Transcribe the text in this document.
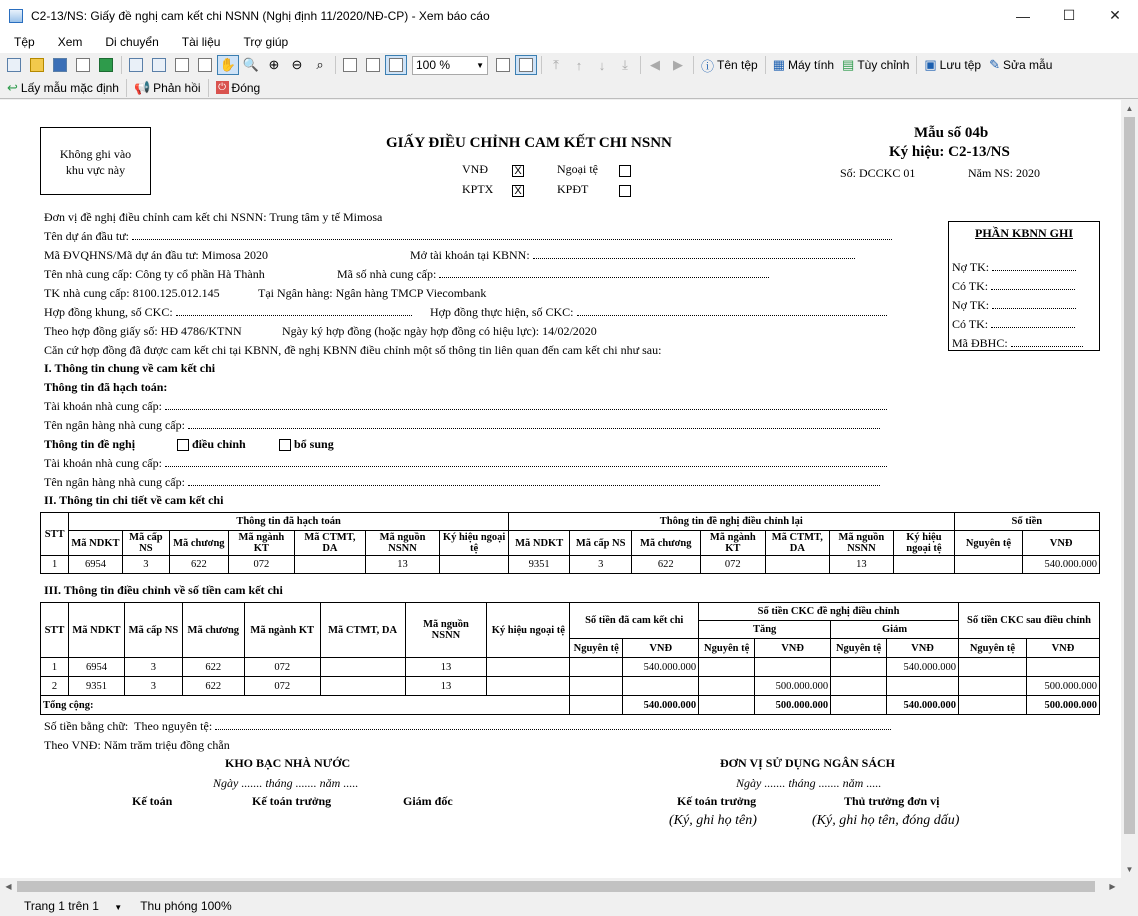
C2-13/NS: Giấy đề nghị cam kết chi NSNN (Nghị định 11/2020/NĐ-CP) - Xem báo cáo	—	☐	✕
Tệp	Xem	Di chuyển	Tài liệu	Trợ giúp
✋ 🔍 ⊕ ⊖	⌕	100 %	▼	⤒	↑	↓	⤓	◀	▶	ⓘ Tên tệp ▦ Máy tính ▤ Tùy chỉnh ▣ Lưu tệp ✎ Sửa mẫu
↩ Lấy mẫu mặc định 📢 Phản hồi ⏻ Đóng
Không ghi vào
khu vực này
GIẤY ĐIỀU CHỈNH CAM KẾT CHI NSNN
Mẫu số 04b
Ký hiệu: C2-13/NS
Số: DCCKC 01	Năm NS: 2020
VNĐ X	Ngoại tệ
KPTX X	KPĐT
PHẦN KBNN GHI
Nợ TK:
Có TK:
Nợ TK:
Có TK:
Mã ĐBHC:
Đơn vị đề nghị điều chỉnh cam kết chi NSNN: Trung tâm y tế Mimosa
Tên dự án đầu tư:
Mã ĐVQHNS/Mã dự án đầu tư: Mimosa 2020	Mở tài khoản tại KBNN:
Tên nhà cung cấp: Công ty cổ phần Hà Thành	Mã số nhà cung cấp:
TK nhà cung cấp: 8100.125.012.145	Tại Ngân hàng: Ngân hàng TMCP Viecombank
Hợp đồng khung, số CKC:	Hợp đồng thực hiện, số CKC:
Theo hợp đồng giấy số: HĐ 4786/KTNN	Ngày ký hợp đồng (hoặc ngày hợp đồng có hiệu lực): 14/02/2020
Căn cứ hợp đồng đã được cam kết chi tại KBNN, đề nghị KBNN điều chỉnh một số thông tin liên quan đến cam kết chi như sau:
I. Thông tin chung về cam kết chi
Thông tin đã hạch toán:
Tài khoản nhà cung cấp:
Tên ngân hàng nhà cung cấp:
Thông tin đề nghị	điều chỉnh	bổ sung
Tài khoản nhà cung cấp:
Tên ngân hàng nhà cung cấp:
II. Thông tin chi tiết về cam kết chi
STT	Thông tin đã hạch toán							Thông tin đề nghị điều chỉnh lại							Số tiền	
	Mã NDKT	Mã cấp NS	Mã chương	Mã ngành KT	Mã CTMT, DA	Mã nguồn NSNN	Ký hiệu ngoại tệ	Mã NDKT	Mã cấp NS	Mã chương	Mã ngành KT	Mã CTMT, DA	Mã nguồn NSNN	Ký hiệu ngoại tệ	Nguyên tệ	VNĐ
1	6954	3	622	072		13		9351	3	622	072		13			540.000.000
III. Thông tin điều chỉnh về số tiền cam kết chi
STT	Mã NDKT	Mã cấp NS	Mã chương	Mã ngành KT	Mã CTMT, DA	Mã nguồn NSNN	Ký hiệu ngoại tệ	Số tiền đã cam kết chi		Số tiền CKC đề nghị điều chỉnh				Số tiền CKC sau điều chỉnh	
										Tăng		Giảm			
								Nguyên tệ	VNĐ	Nguyên tệ	VNĐ	Nguyên tệ	VNĐ	Nguyên tệ	VNĐ
1	6954	3	622	072		13			540.000.000				540.000.000		
2	9351	3	622	072		13					500.000.000				500.000.000
Tổng cộng:									540.000.000		500.000.000		540.000.000		500.000.000
Số tiền bằng chữ: Theo nguyên tệ:
Theo VNĐ: Năm trăm triệu đồng chẵn
KHO BẠC NHÀ NƯỚC
Ngày ....... tháng ....... năm .....
Kế toán	Kế toán trưởng	Giám đốc
ĐƠN VỊ SỬ DỤNG NGÂN SÁCH
Ngày ....... tháng ....... năm .....
Kế toán trưởng	Thủ trưởng đơn vị
(Ký, ghi họ tên)	(Ký, ghi họ tên, đóng dấu)
▲
▼
◀	▶
Trang 1 trên 1 ▼ Thu phóng 100%
